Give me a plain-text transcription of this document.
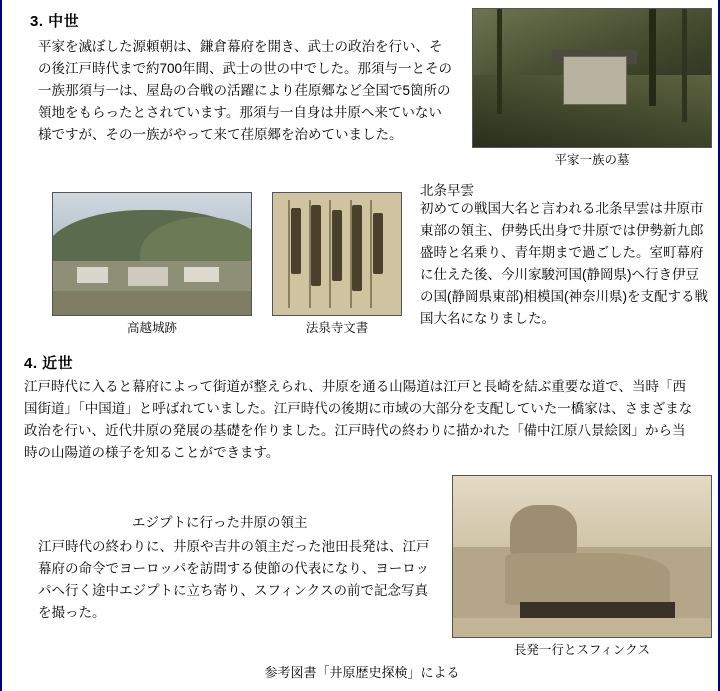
3. 中世
平家を滅ぼした源頼朝は、鎌倉幕府を開き、武士の政治を行い、その後江戸時代まで約700年間、武士の世の中でした。那須与一とその一族那須与一は、屋島の合戦の活躍により荏原郷など全国で5箇所の領地をもらったとされています。那須与一自身は井原へ来ていない様ですが、その一族がやって来て荏原郷を治めていました。
平家一族の墓
高越城跡	法泉寺文書
北条早雲
初めての戦国大名と言われる北条早雲は井原市東部の領主、伊勢氏出身で井原では伊勢新九郎盛時と名乗り、青年期まで過ごした。室町幕府に仕えた後、今川家駿河国(静岡県)へ行き伊豆の国(静岡県東部)相模国(神奈川県)を支配する戦国大名になりました。
4. 近世
江戸時代に入ると幕府によって街道が整えられ、井原を通る山陽道は江戸と長崎を結ぶ重要な道で、当時「西国街道」「中国道」と呼ばれていました。江戸時代の後期に市域の大部分を支配していた一橋家は、さまざまな政治を行い、近代井原の発展の基礎を作りました。江戸時代の終わりに描かれた「備中江原八景絵図」から当時の山陽道の様子を知ることができます。
エジプトに行った井原の領主
江戸時代の終わりに、井原や吉井の領主だった池田長発は、江戸幕府の命令でヨーロッパを訪問する使節の代表になり、ヨーロッパへ行く途中エジプトに立ち寄り、スフィンクスの前で記念写真を撮った。
長発一行とスフィンクス
参考図書「井原歴史探検」による
